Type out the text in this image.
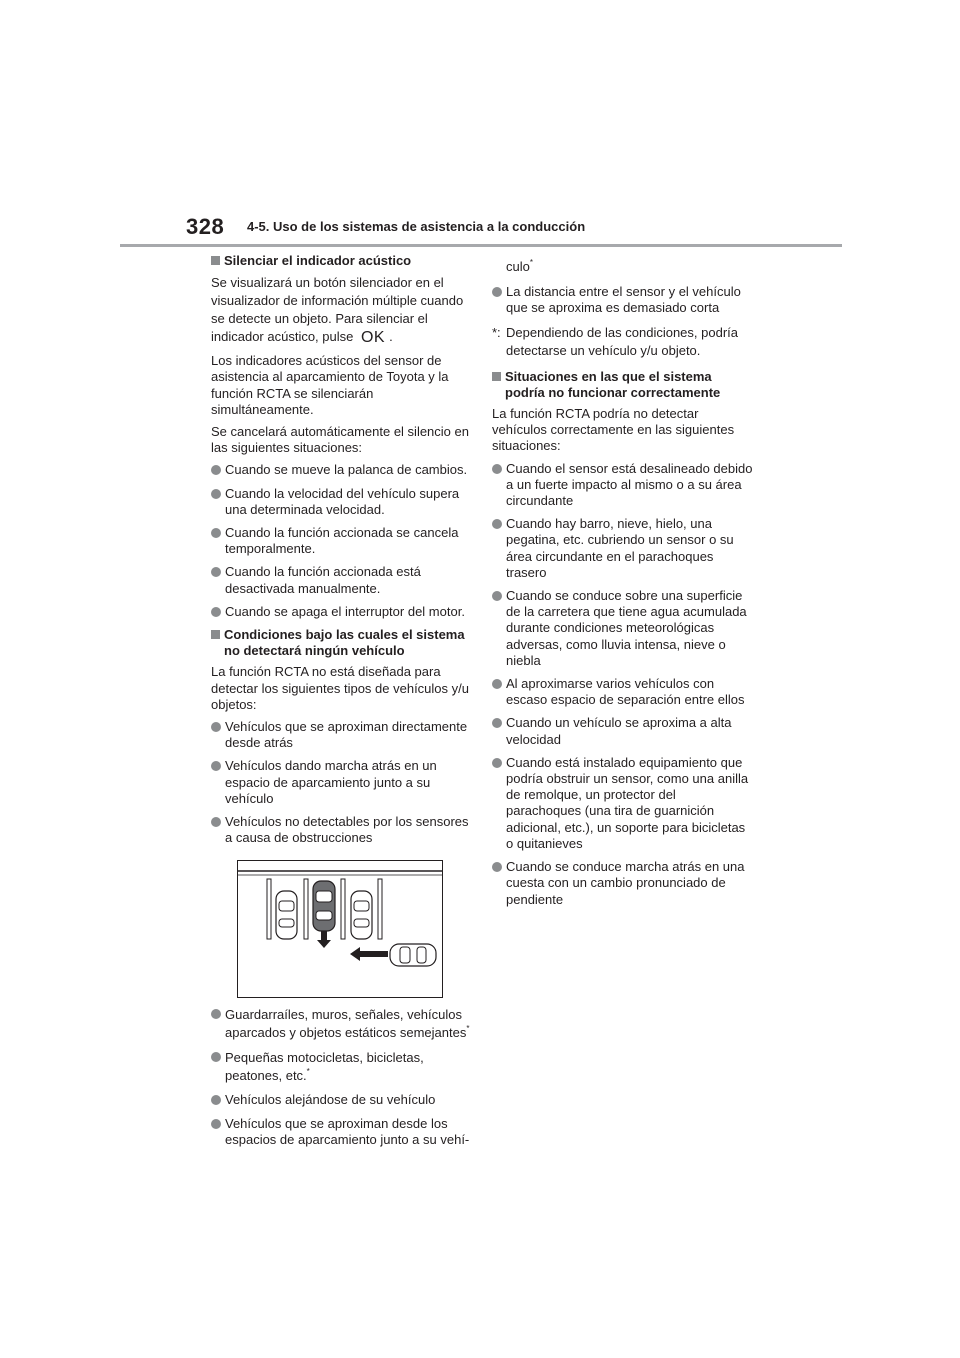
328 4-5. Uso de los sistemas de asistencia a la conducción
Silenciar el indicador acústico

Se visualizará un botón silenciador en el visualizador de información múltiple cuando se detecte un objeto. Para silenciar el indicador acústico, pulse OK .

Los indicadores acústicos del sensor de asistencia al aparcamiento de Toyota y la función RCTA se silenciarán simultáneamente.

Se cancelará automáticamente el silencio en las siguientes situaciones:

Cuando se mueve la palanca de cambios.
Cuando la velocidad del vehículo supera una determinada velocidad.
Cuando la función accionada se cancela temporalmente.
Cuando la función accionada está desactivada manualmente.
Cuando se apaga el interruptor del motor.
Condiciones bajo las cuales el sistema no detectará ningún vehículo

La función RCTA no está diseñada para detectar los siguientes tipos de vehículos y/u objetos:

Vehículos que se aproximan directamente desde atrás
Vehículos dando marcha atrás en un espacio de aparcamiento junto a su vehículo
Vehículos no detectables por los sensores a causa de obstrucciones
Guardarraíles, muros, señales, vehículos aparcados y objetos estáticos semejantes*
Pequeñas motocicletas, bicicletas, peatones, etc.*
Vehículos alejándose de su vehículo
Vehículos que se aproximan desde los espacios de aparcamiento junto a su vehí-

culo*

La distancia entre el sensor y el vehículo que se aproxima es demasiado corta
*: Dependiendo de las condiciones, podría detectarse un vehículo y/u objeto.
Situaciones en las que el sistema podría no funcionar correctamente

La función RCTA podría no detectar vehículos correctamente en las siguientes situaciones:

Cuando el sensor está desalineado debido a un fuerte impacto al mismo o a su área circundante
Cuando hay barro, nieve, hielo, una pegatina, etc. cubriendo un sensor o su área circundante en el parachoques trasero
Cuando se conduce sobre una superficie de la carretera que tiene agua acumulada durante condiciones meteorológicas adversas, como lluvia intensa, nieve o niebla
Al aproximarse varios vehículos con escaso espacio de separación entre ellos
Cuando un vehículo se aproxima a alta velocidad
Cuando está instalado equipamiento que podría obstruir un sensor, como una anilla de remolque, un protector del parachoques (una tira de guarnición adicional, etc.), un soporte para bicicletas o quitanieves
Cuando se conduce marcha atrás en una cuesta con un cambio pronunciado de pendiente
